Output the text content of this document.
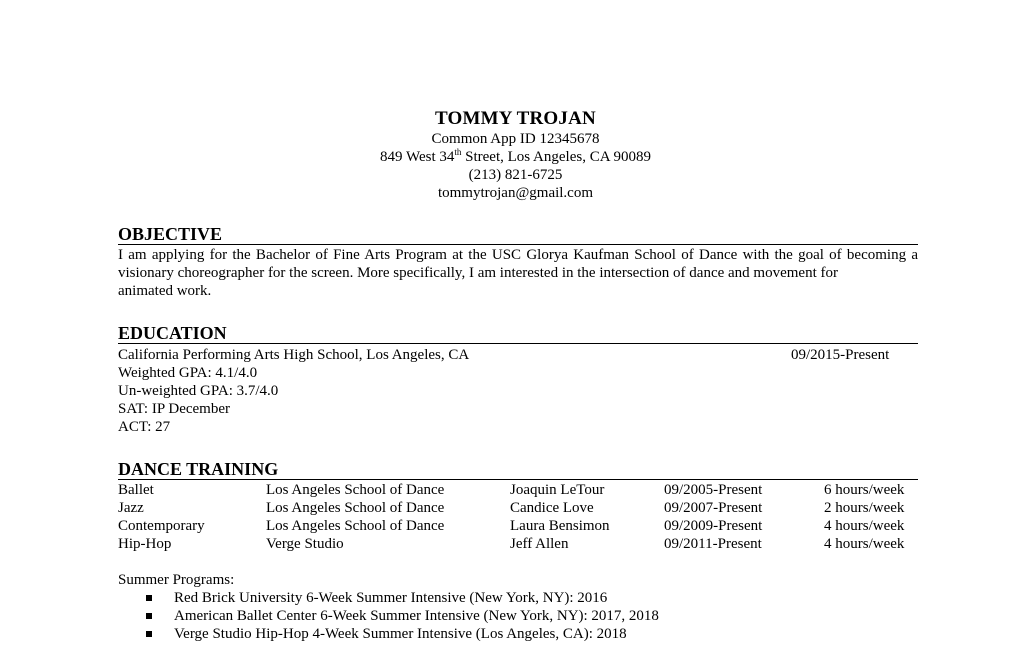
TOMMY TROJAN
Common App ID 12345678
849 West 34th Street, Los Angeles, CA 90089
(213) 821-6725
tommytrojan@gmail.com
OBJECTIVE
I am applying for the Bachelor of Fine Arts Program at the USC Glorya Kaufman School of Dance with the goal of becoming a
visionary choreographer for the screen. More specifically, I am interested in the intersection of dance and movement for
animated work.
EDUCATION
California Performing Arts High School, Los Angeles, CA	09/2015-Present
Weighted GPA: 4.1/4.0
Un-weighted GPA: 3.7/4.0
SAT: IP December
ACT: 27
DANCE TRAINING
Ballet	Los Angeles School of Dance	Joaquin LeTour	09/2005-Present	6 hours/week
Jazz	Los Angeles School of Dance	Candice Love	09/2007-Present	2 hours/week
Contemporary	Los Angeles School of Dance	Laura Bensimon	09/2009-Present	4 hours/week
Hip-Hop	Verge Studio	Jeff Allen	09/2011-Present	4 hours/week
Summer Programs:
Red Brick University 6-Week Summer Intensive (New York, NY): 2016
American Ballet Center 6-Week Summer Intensive (New York, NY): 2017, 2018
Verge Studio Hip-Hop 4-Week Summer Intensive (Los Angeles, CA): 2018
